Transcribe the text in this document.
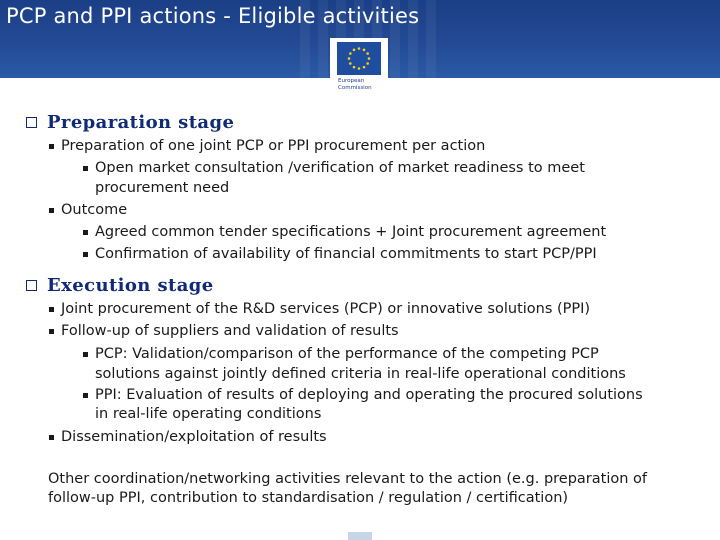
PCP and PPI actions - Eligible activities
European
Commission
Preparation stage
Preparation of one joint PCP or PPI procurement per action
Open market consultation /verification of market readiness to meet
procurement need
Outcome
Agreed common tender specifications + Joint procurement agreement
Confirmation of availability of financial commitments to start PCP/PPI
Execution stage
Joint procurement of the R&D services (PCP) or innovative solutions (PPI)
Follow-up of suppliers and validation of results
PCP: Validation/comparison of the performance of the competing PCP
solutions against jointly defined criteria in real-life operational conditions
PPI: Evaluation of results of deploying and operating the procured solutions
in real-life operating conditions
Dissemination/exploitation of results
Other coordination/networking activities relevant to the action (e.g. preparation of
follow-up PPI, contribution to standardisation / regulation / certification)
